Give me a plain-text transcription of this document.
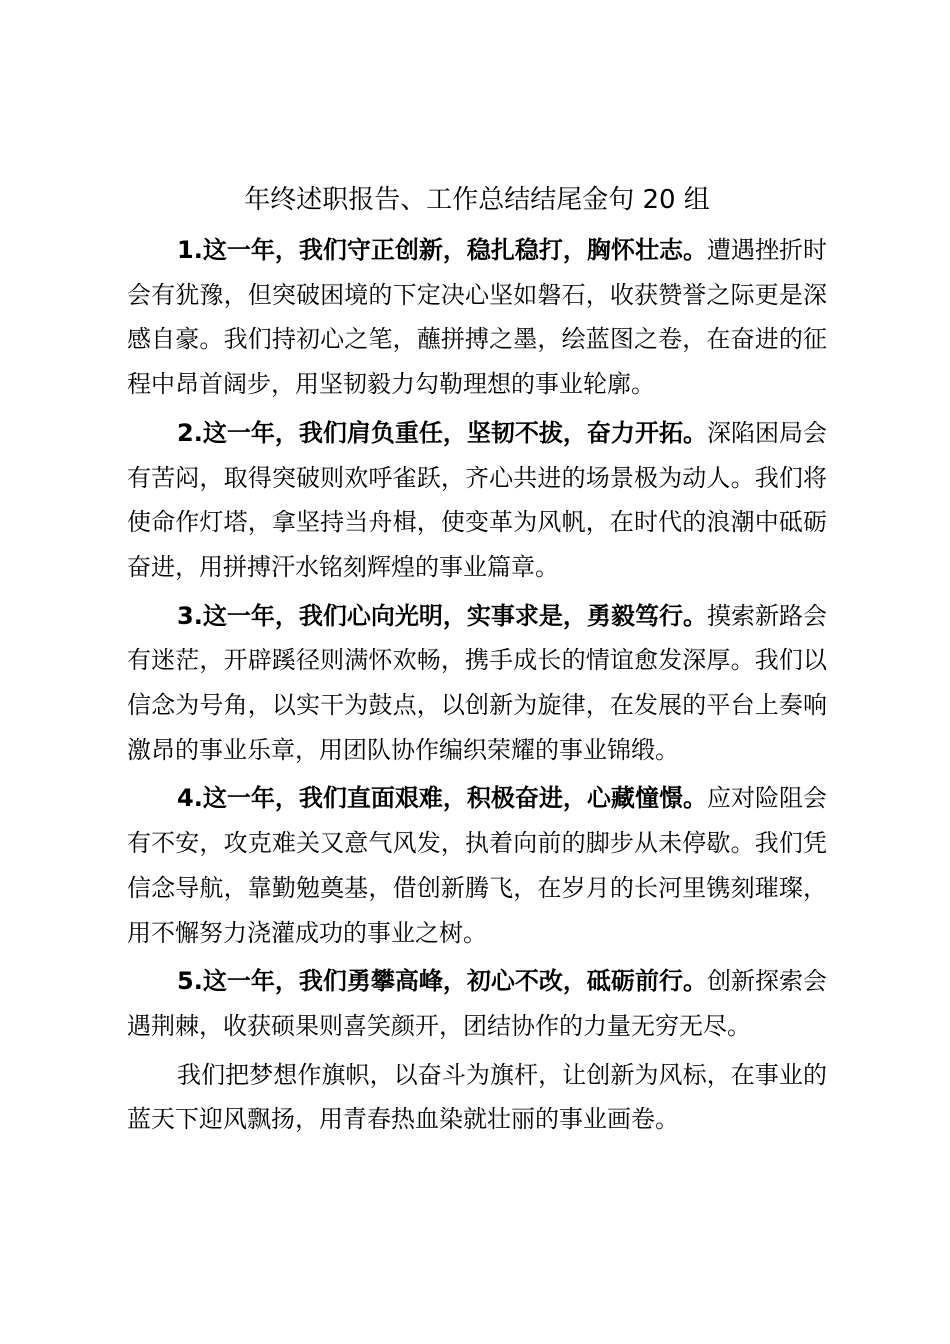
年终述职报告、工作总结结尾金句 20 组

1.这一年，我们守正创新，稳扎稳打，胸怀壮志。遭遇挫折时会有犹豫，但突破困境的下定决心坚如磐石，收获赞誉之际更是深感自豪。我们持初心之笔，蘸拼搏之墨，绘蓝图之卷，在奋进的征程中昂首阔步，用坚韧毅力勾勒理想的事业轮廓。

2.这一年，我们肩负重任，坚韧不拔，奋力开拓。深陷困局会有苦闷，取得突破则欢呼雀跃，齐心共进的场景极为动人。我们将使命作灯塔，拿坚持当舟楫，使变革为风帆，在时代的浪潮中砥砺奋进，用拼搏汗水铭刻辉煌的事业篇章。

3.这一年，我们心向光明，实事求是，勇毅笃行。摸索新路会有迷茫，开辟蹊径则满怀欢畅，携手成长的情谊愈发深厚。我们以信念为号角，以实干为鼓点，以创新为旋律，在发展的平台上奏响激昂的事业乐章，用团队协作编织荣耀的事业锦缎。

4.这一年，我们直面艰难，积极奋进，心藏憧憬。应对险阻会有不安，攻克难关又意气风发，执着向前的脚步从未停歇。我们凭信念导航，靠勤勉奠基，借创新腾飞，在岁月的长河里镌刻璀璨，用不懈努力浇灌成功的事业之树。

5.这一年，我们勇攀高峰，初心不改，砥砺前行。创新探索会遇荆棘，收获硕果则喜笑颜开，团结协作的力量无穷无尽。

我们把梦想作旗帜，以奋斗为旗杆，让创新为风标，在事业的蓝天下迎风飘扬，用青春热血染就壮丽的事业画卷。
